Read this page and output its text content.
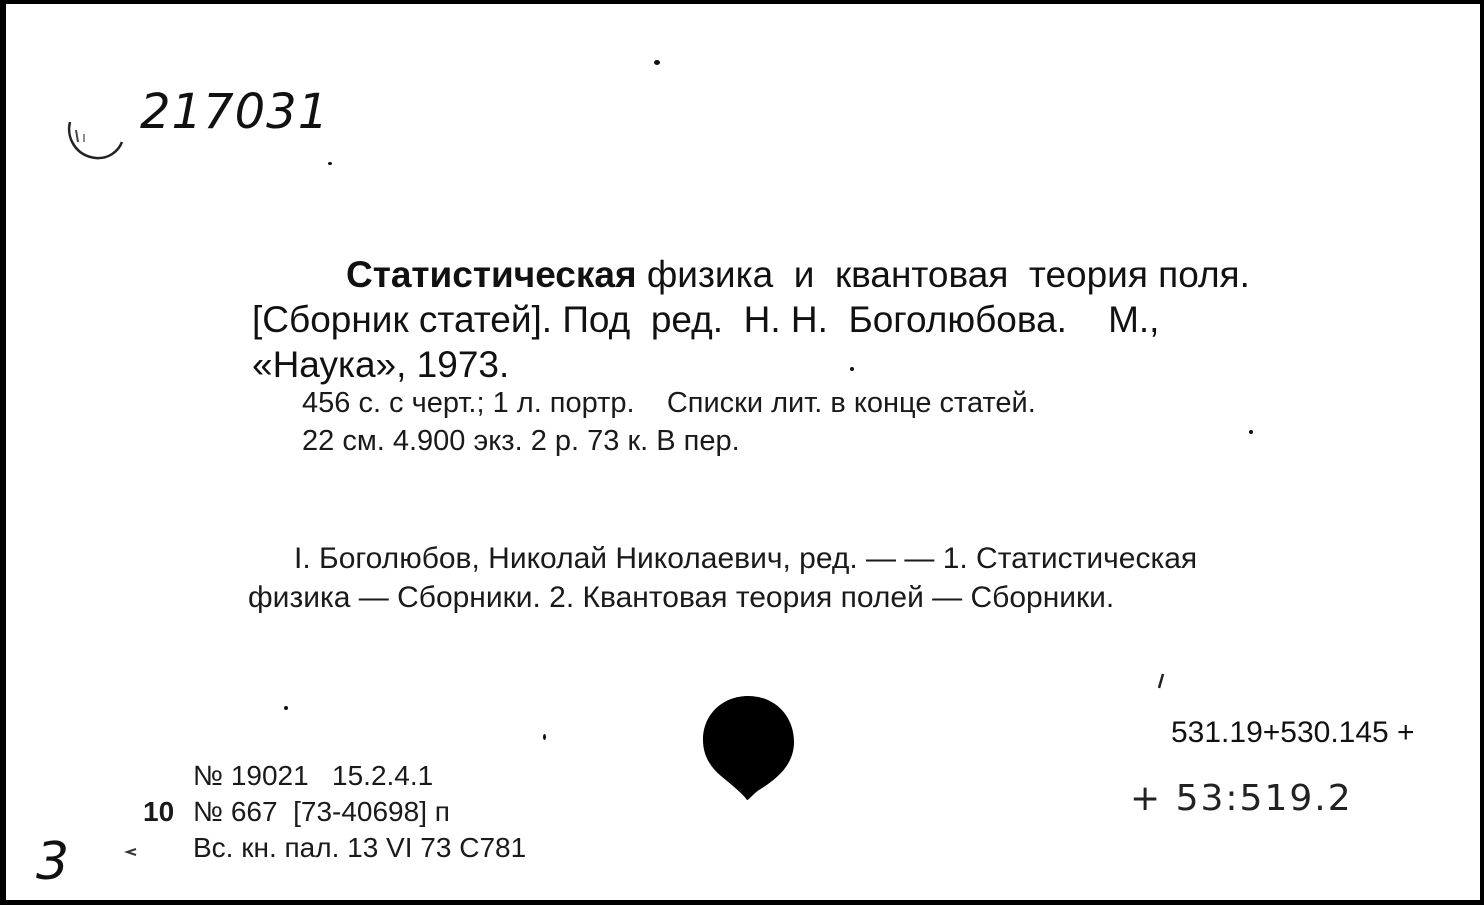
217031
Статистическая физика  и  квантовая  теория поля.
[Сборник статей]. Под  ред.  Н. Н.  Боголюбова.    М.,
«Наука», 1973.
456 с. с черт.; 1 л. портр.    Списки лит. в конце статей.
22 см. 4.900 экз. 2 р. 73 к. В пер.
I. Боголюбов, Николай Николаевич, ред. — — 1. Статистическая
физика — Сборники. 2. Квантовая теория полей — Сборники.
№ 19021   15.2.4.1
10 № 667  [73-40698] п
Вс. кн. пал. 13 VI 73 С781
531.19+530.145 +
+ 53:519.2
3
